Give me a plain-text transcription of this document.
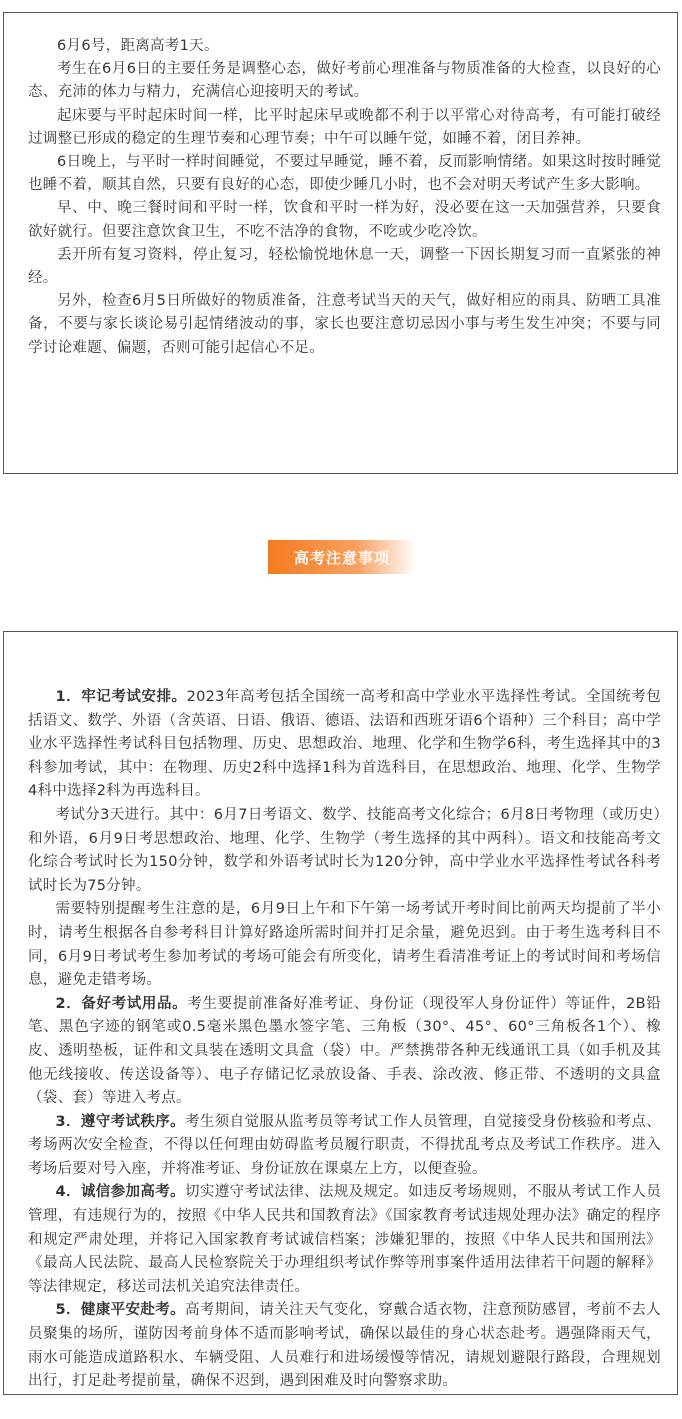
6月6号，距离高考1天。

考生在6月6日的主要任务是调整心态，做好考前心理准备与物质准备的大检查，以良好的心态、充沛的体力与精力，充满信心迎接明天的考试。

起床要与平时起床时间一样，比平时起床早或晚都不利于以平常心对待高考，有可能打破经过调整已形成的稳定的生理节奏和心理节奏；中午可以睡午觉，如睡不着，闭目养神。

6日晚上，与平时一样时间睡觉，不要过早睡觉，睡不着，反而影响情绪。如果这时按时睡觉也睡不着，顺其自然，只要有良好的心态，即使少睡几小时，也不会对明天考试产生多大影响。

早、中、晚三餐时间和平时一样，饮食和平时一样为好，没必要在这一天加强营养，只要食欲好就行。但要注意饮食卫生，不吃不洁净的食物，不吃或少吃冷饮。

丢开所有复习资料，停止复习，轻松愉悦地休息一天，调整一下因长期复习而一直紧张的神经。

另外，检查6月5日所做好的物质准备，注意考试当天的天气，做好相应的雨具、防晒工具准备，不要与家长谈论易引起情绪波动的事，家长也要注意切忌因小事与考生发生冲突；不要与同学讨论难题、偏题，否则可能引起信心不足。

高考注意事项

1．牢记考试安排。2023年高考包括全国统一高考和高中学业水平选择性考试。全国统考包括语文、数学、外语（含英语、日语、俄语、德语、法语和西班牙语6个语种）三个科目；高中学业水平选择性考试科目包括物理、历史、思想政治、地理、化学和生物学6科，考生选择其中的3科参加考试，其中：在物理、历史2科中选择1科为首选科目，在思想政治、地理、化学、生物学4科中选择2科为再选科目。

考试分3天进行。其中：6月7日考语文、数学、技能高考文化综合；6月8日考物理（或历史）和外语，6月9日考思想政治、地理、化学、生物学（考生选择的其中两科）。语文和技能高考文化综合考试时长为150分钟，数学和外语考试时长为120分钟，高中学业水平选择性考试各科考试时长为75分钟。

需要特别提醒考生注意的是，6月9日上午和下午第一场考试开考时间比前两天均提前了半小时，请考生根据各自参考科目计算好路途所需时间并打足余量，避免迟到。由于考生选考科目不同，6月9日考试考生参加考试的考场可能会有所变化，请考生看清准考证上的考试时间和考场信息，避免走错考场。

2．备好考试用品。考生要提前准备好准考证、身份证（现役军人身份证件）等证件，2B铅笔、黑色字迹的钢笔或0.5毫米黑色墨水签字笔、三角板（30°、45°、60°三角板各1个）、橡皮、透明垫板，证件和文具装在透明文具盒（袋）中。严禁携带各种无线通讯工具（如手机及其他无线接收、传送设备等）、电子存储记忆录放设备、手表、涂改液、修正带、不透明的文具盒（袋、套）等进入考点。

3．遵守考试秩序。考生须自觉服从监考员等考试工作人员管理，自觉接受身份核验和考点、考场两次安全检查，不得以任何理由妨碍监考员履行职责，不得扰乱考点及考试工作秩序。进入考场后要对号入座，并将准考证、身份证放在课桌左上方，以便查验。

4．诚信参加高考。切实遵守考试法律、法规及规定。如违反考场规则，不服从考试工作人员管理，有违规行为的，按照《中华人民共和国教育法》《国家教育考试违规处理办法》确定的程序和规定严肃处理，并将记入国家教育考试诚信档案；涉嫌犯罪的，按照《中华人民共和国刑法》《最高人民法院、最高人民检察院关于办理组织考试作弊等刑事案件适用法律若干问题的解释》等法律规定，移送司法机关追究法律责任。

5．健康平安赴考。高考期间，请关注天气变化，穿戴合适衣物，注意预防感冒，考前不去人员聚集的场所，谨防因考前身体不适而影响考试，确保以最佳的身心状态赴考。遇强降雨天气，雨水可能造成道路积水、车辆受阻、人员难行和进场缓慢等情况，请规划避限行路段，合理规划出行，打足赴考提前量，确保不迟到，遇到困难及时向警察求助。
